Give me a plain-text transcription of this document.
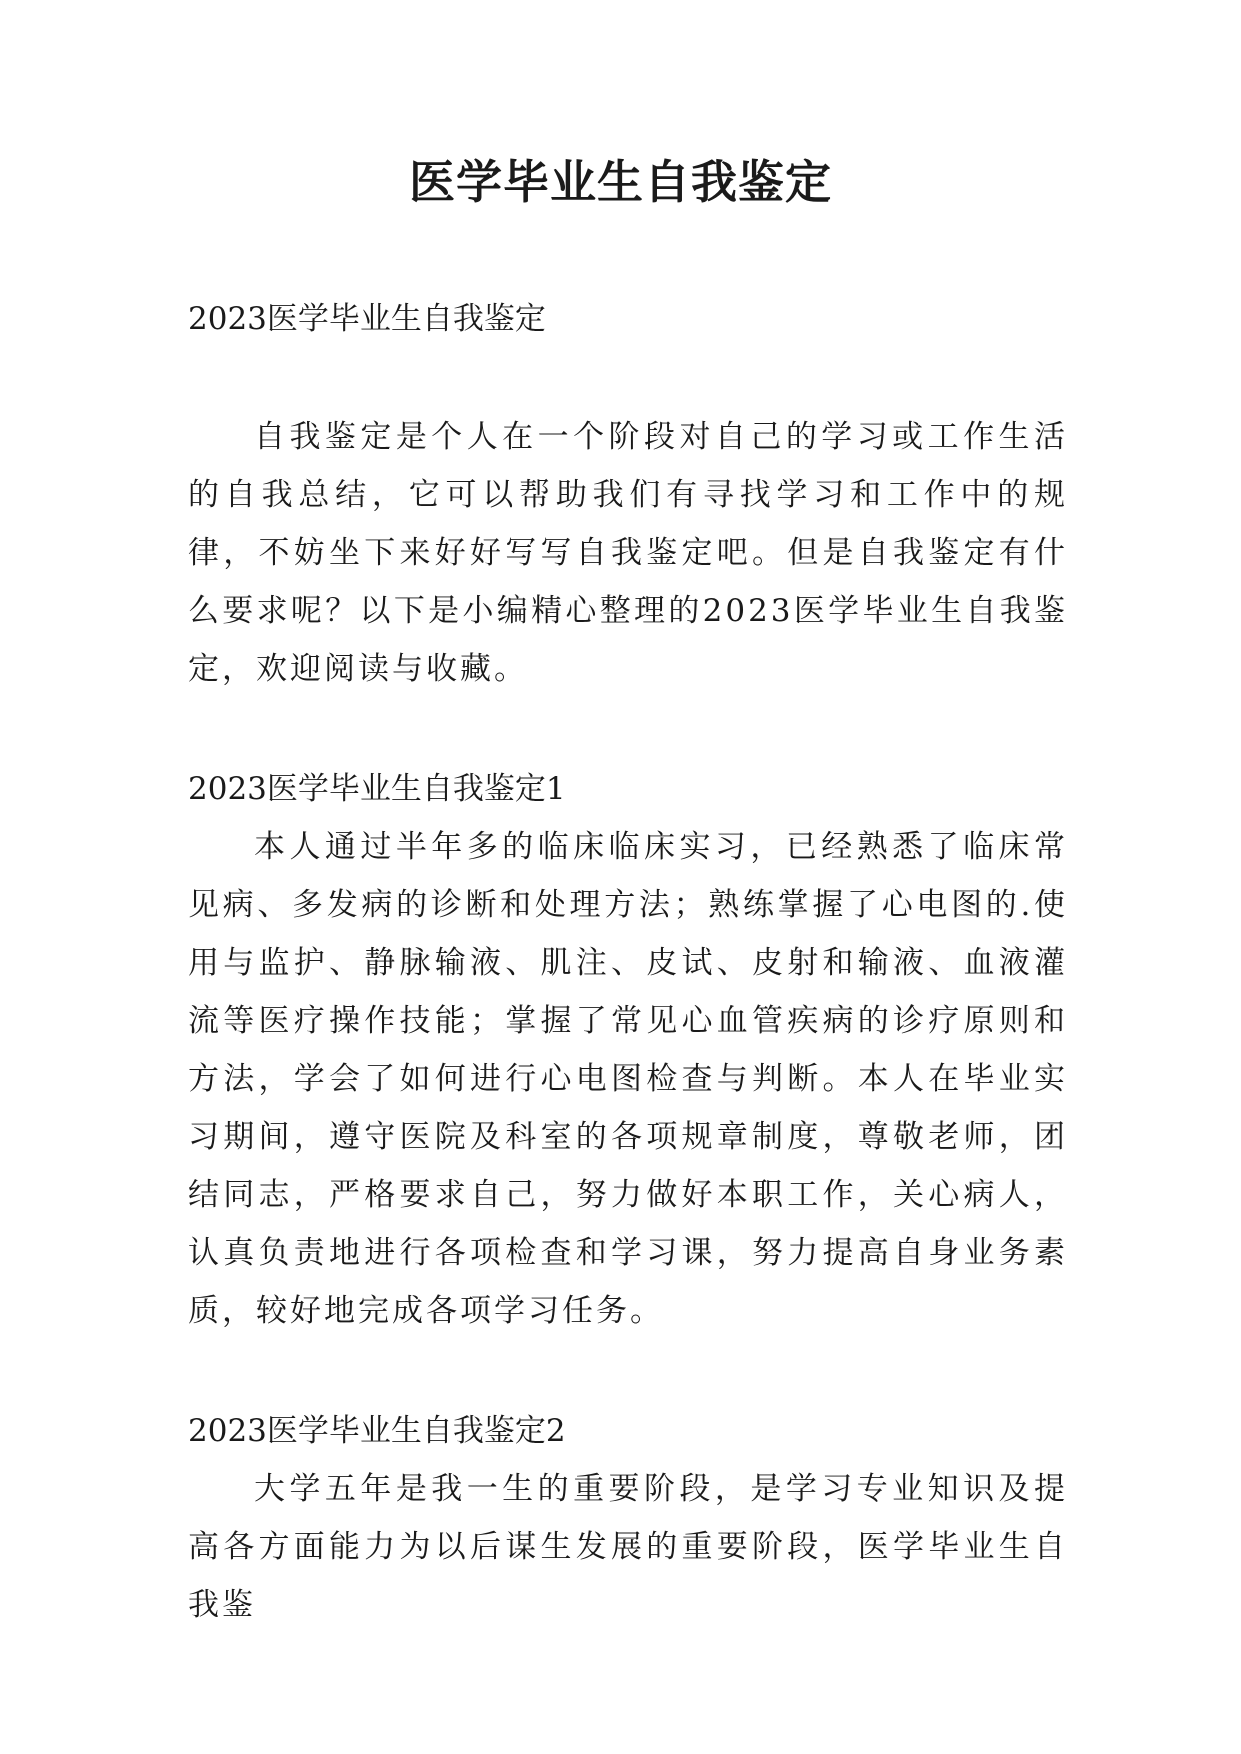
医学毕业生自我鉴定

2023医学毕业生自我鉴定

自我鉴定是个人在一个阶段对自己的学习或工作生活的自我总结，它可以帮助我们有寻找学习和工作中的规律，不妨坐下来好好写写自我鉴定吧。但是自我鉴定有什么要求呢？以下是小编精心整理的2023医学毕业生自我鉴定，欢迎阅读与收藏。

2023医学毕业生自我鉴定1

本人通过半年多的临床临床实习，已经熟悉了临床常见病、多发病的诊断和处理方法；熟练掌握了心电图的.使用与监护、静脉输液、肌注、皮试、皮射和输液、血液灌流等医疗操作技能；掌握了常见心血管疾病的诊疗原则和方法，学会了如何进行心电图检查与判断。本人在毕业实习期间，遵守医院及科室的各项规章制度，尊敬老师，团结同志，严格要求自己，努力做好本职工作，关心病人，认真负责地进行各项检查和学习课，努力提高自身业务素质，较好地完成各项学习任务。

2023医学毕业生自我鉴定2

大学五年是我一生的重要阶段，是学习专业知识及提高各方面能力为以后谋生发展的重要阶段，医学毕业生自我鉴
